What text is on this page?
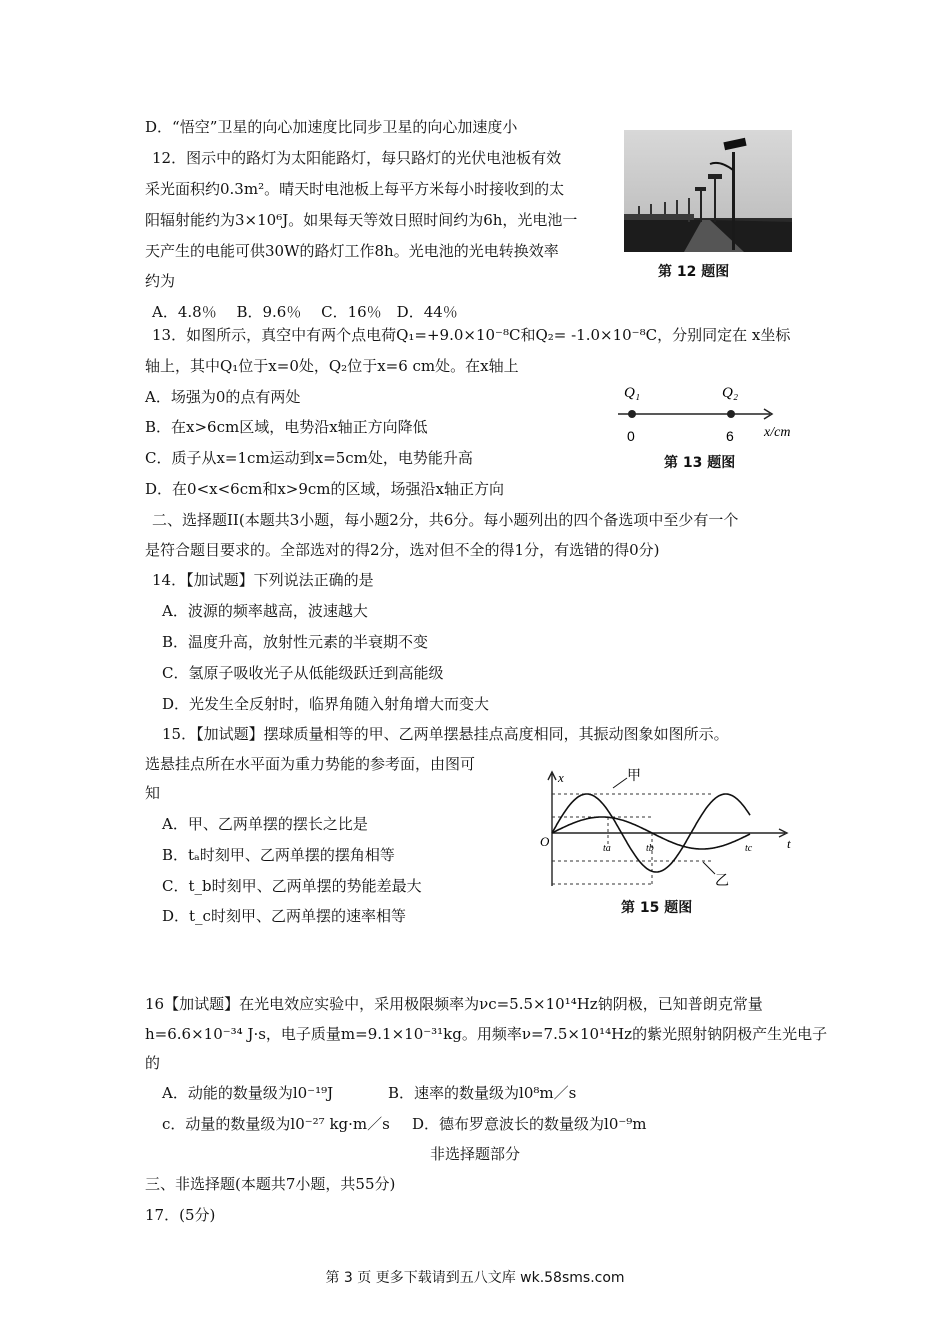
D．“悟空”卫星的向心加速度比同步卫星的向心加速度小
12．图示中的路灯为太阳能路灯，每只路灯的光伏电池板有效
采光面积约0.3m²。晴天时电池板上每平方米每小时接收到的太
阳辐射能约为3×10⁶J。如果每天等效日照时间约为6h，光电池一
天产生的电能可供30W的路灯工作8h。光电池的光电转换效率
约为
A．4.8％　 B．9.6％　 C．16％　D．44％
第 12 题图
13．如图所示，真空中有两个点电荷Q₁=+9.0×10⁻⁸C和Q₂= -1.0×10⁻⁸C，分别同定在 x坐标
轴上，其中Q₁位于x=0处，Q₂位于x=6 cm处。在x轴上
A．场强为0的点有两处
B．在x>6cm区域，电势沿x轴正方向降低
C．质子从x=1cm运动到x=5cm处，电势能升高
D．在0<x<6cm和x>9cm的区域，场强沿x轴正方向
Q₁	Q₂
0	6 x/cm
第 13 题图
二、选择题II(本题共3小题，每小题2分，共6分。每小题列出的四个备选项中至少有一个
是符合题目要求的。全部选对的得2分，选对但不全的得1分，有选错的得0分)
14．【加试题】下列说法正确的是
A．波源的频率越高，波速越大
B．温度升高，放射性元素的半衰期不变
C．氢原子吸收光子从低能级跃迁到高能级
D．光发生全反射时，临界角随入射角增大而变大
15．【加试题】摆球质量相等的甲、乙两单摆悬挂点高度相同，其振动图象如图所示。
选悬挂点所在水平面为重力势能的参考面，由图可
知
A．甲、乙两单摆的摆长之比是
B．tₐ时刻甲、乙两单摆的摆角相等
C．t_b时刻甲、乙两单摆的势能差最大
D．t_c时刻甲、乙两单摆的速率相等
x
t
O	ta	tb	tc
甲
乙
第 15 题图
16【加试题】在光电效应实验中，采用极限频率为νc=5.5×10¹⁴Hz钠阴极，已知普朗克常量
h=6.6×10⁻³⁴ J·s，电子质量m=9.1×10⁻³¹kg。用频率ν=7.5×10¹⁴Hz的紫光照射钠阴极产生光电子
的
A．动能的数量级为l0⁻¹⁹J	B．速率的数量级为l0⁸m／s
c．动量的数量级为l0⁻²⁷ kg·m／s D．德布罗意波长的数量级为l0⁻⁹m
非选择题部分
三、非选择题(本题共7小题，共55分)
17．(5分)
第 3 页 更多下载请到五八文库 wk.58sms.com
